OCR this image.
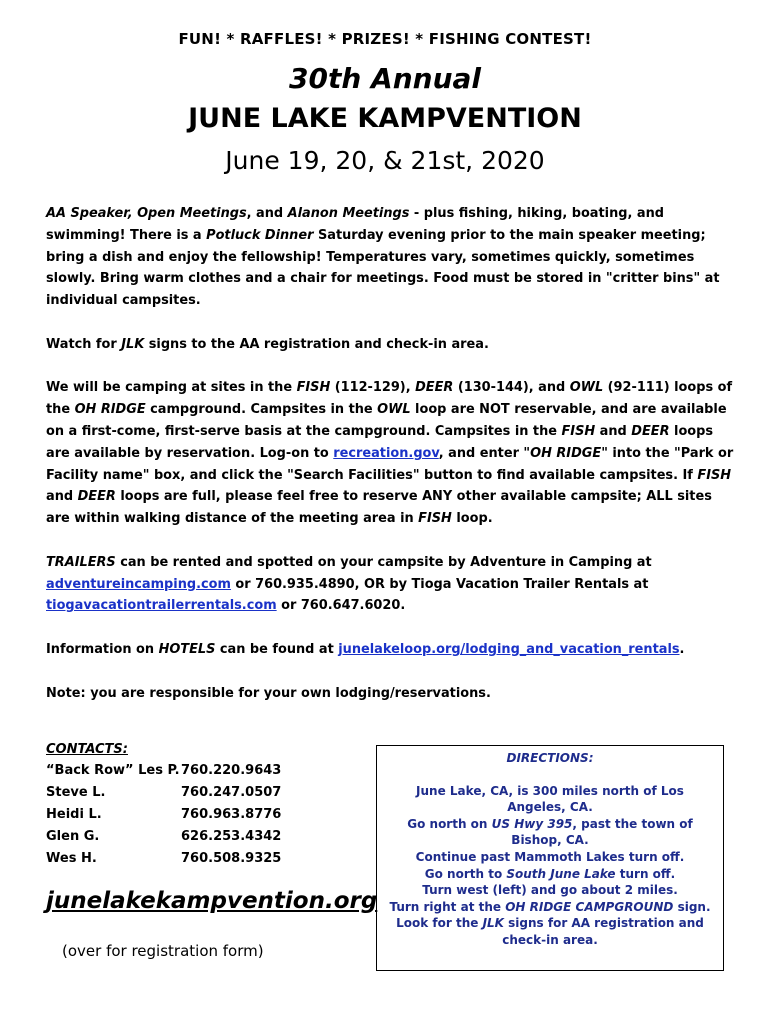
FUN! * RAFFLES! * PRIZES! * FISHING CONTEST!
30th Annual
JUNE LAKE KAMPVENTION
June 19, 20, & 21st, 2020

AA Speaker, Open Meetings, and Alanon Meetings - plus fishing, hiking, boating, and swimming! There is a Potluck Dinner Saturday evening prior to the main speaker meeting; bring a dish and enjoy the fellowship! Temperatures vary, sometimes quickly, sometimes slowly. Bring warm clothes and a chair for meetings. Food must be stored in "critter bins" at individual campsites.

Watch for JLK signs to the AA registration and check-in area.

We will be camping at sites in the FISH (112-129), DEER (130-144), and OWL (92-111) loops of the OH RIDGE campground. Campsites in the OWL loop are NOT reservable, and are available on a first-come, first-serve basis at the campground. Campsites in the FISH and DEER loops are available by reservation. Log-on to recreation.gov, and enter "OH RIDGE" into the "Park or Facility name" box, and click the "Search Facilities" button to find available campsites. If FISH and DEER loops are full, please feel free to reserve ANY other available campsite; ALL sites are within walking distance of the meeting area in FISH loop.

TRAILERS can be rented and spotted on your campsite by Adventure in Camping at adventureincamping.com or 760.935.4890, OR by Tioga Vacation Trailer Rentals at tiogavacationtrailerrentals.com or 760.647.6020.

Information on HOTELS can be found at junelakeloop.org/lodging_and_vacation_rentals.

Note: you are responsible for your own lodging/reservations.

CONTACTS:
“Back Row” Les P. 760.220.9643
Steve L.	760.247.0507
Heidi L.	760.963.8776
Glen G.	626.253.4342
Wes H.	760.508.9325
junelakekampvention.org
(over for registration form)
DIRECTIONS:
June Lake, CA, is 300 miles north of Los Angeles, CA.
Go north on US Hwy 395, past the town of Bishop, CA.
Continue past Mammoth Lakes turn off.
Go north to South June Lake turn off.
Turn west (left) and go about 2 miles.
Turn right at the OH RIDGE CAMPGROUND sign.
Look for the JLK signs for AA registration and check-in area.
